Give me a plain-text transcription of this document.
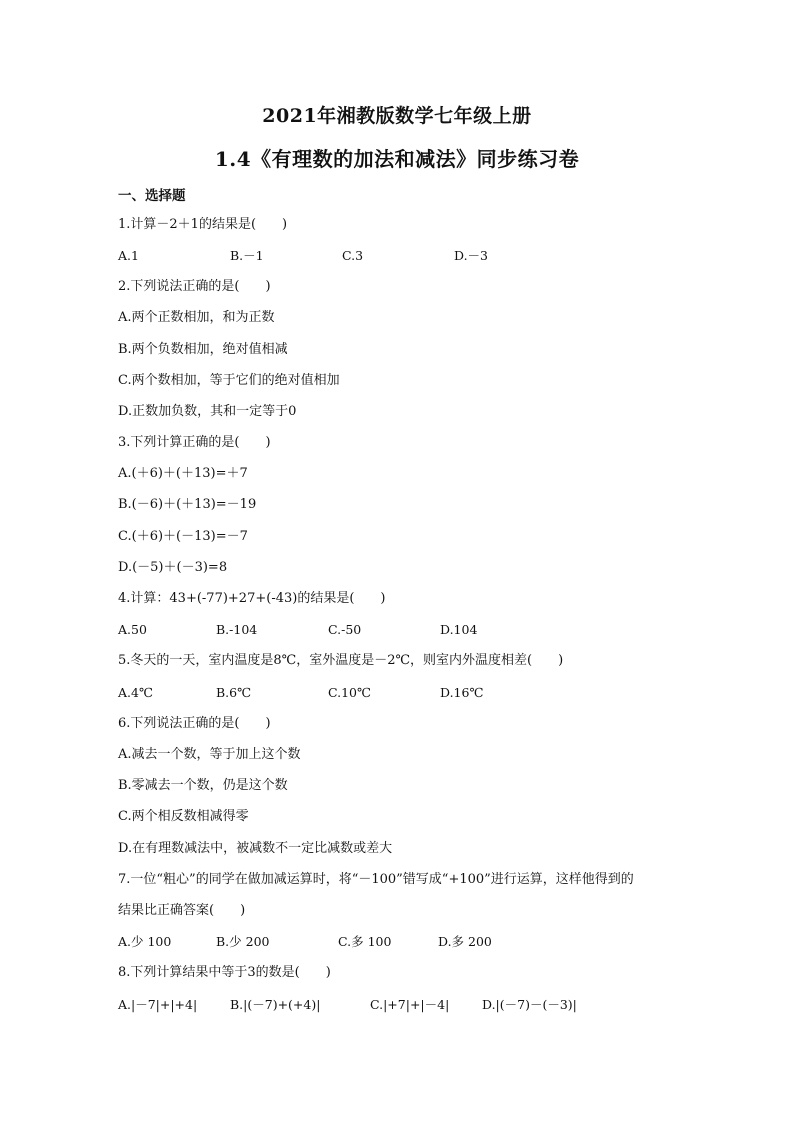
2021年湘教版数学七年级上册
1.4《有理数的加法和减法》同步练习卷
一、选择题
1.计算－2＋1的结果是(　　)
A.1	B.－1	C.3	D.－3
2.下列说法正确的是(　　)
A.两个正数相加，和为正数
B.两个负数相加，绝对值相减
C.两个数相加，等于它们的绝对值相加
D.正数加负数，其和一定等于0
3.下列计算正确的是(　　)
A.(＋6)＋(＋13)=＋7
B.(－6)＋(＋13)=－19
C.(＋6)＋(－13)=－7
D.(－5)＋(－3)=8
4.计算：43+(-77)+27+(-43)的结果是(　　)
A.50	B.-104	C.-50	D.104
5.冬天的一天，室内温度是8℃，室外温度是－2℃，则室内外温度相差(　　)
A.4℃	B.6℃	C.10℃	D.16℃
6.下列说法正确的是(　　)
A.减去一个数，等于加上这个数
B.零减去一个数，仍是这个数
C.两个相反数相减得零
D.在有理数减法中，被减数不一定比减数或差大
7.一位“粗心”的同学在做加减运算时，将“－100”错写成“+100”进行运算，这样他得到的
结果比正确答案(　　)
A.少 100	B.少 200	C.多 100	D.多 200
8.下列计算结果中等于3的数是(　　)
A.|－7|+|+4|	B.|(－7)+(+4)|	C.|+7|+|－4|	D.|(－7)－(－3)|
